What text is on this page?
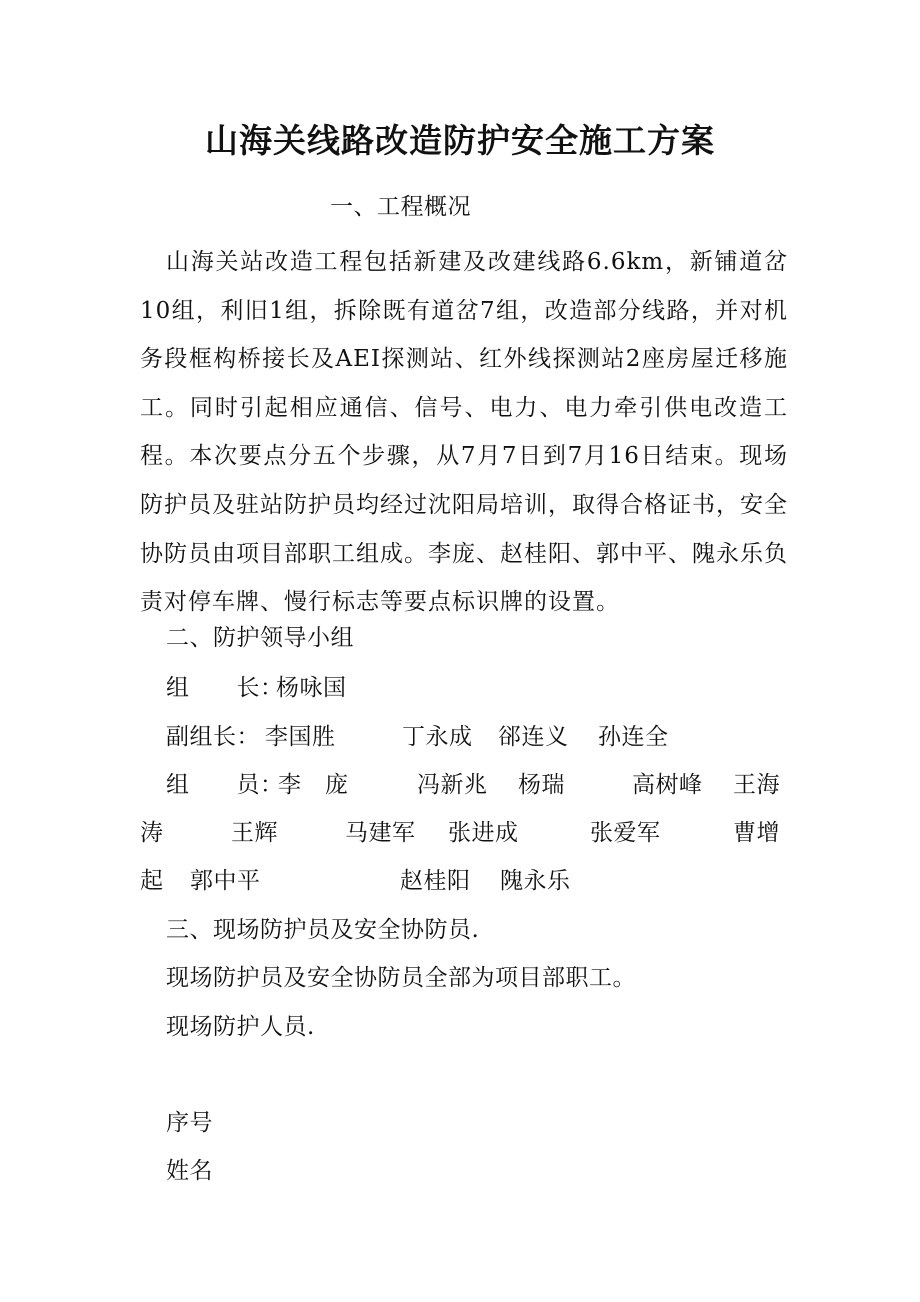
山海关线路改造防护安全施工方案
一、工程概况

山海关站改造工程包括新建及改建线路6.6km，新铺道岔10组，利旧1组，拆除既有道岔7组，改造部分线路，并对机务段框构桥接长及AEI探测站、红外线探测站2座房屋迁移施工。同时引起相应通信、信号、电力、电力牵引供电改造工程。本次要点分五个步骤，从7月7日到7月16日结束。现场防护员及驻站防护员均经过沈阳局培训，取得合格证书，安全协防员由项目部职工组成。李庞、赵桂阳、郭中平、隗永乐负责对停车牌、慢行标志等要点标识牌的设置。

二、防护领导小组
组　　长：
杨咏国
副组长： 李国胜	丁永成 郤连义 孙连全
组　　员：
李　庞	冯新兆 杨瑞	高树峰 王海
涛	王辉	马建军 张进成	张爱军	曹增
起 郭中平	赵桂阳 隗永乐
三、现场防护员及安全协防员.
现场防护员及安全协防员全部为项目部职工。
现场防护人员.
序号
姓名
